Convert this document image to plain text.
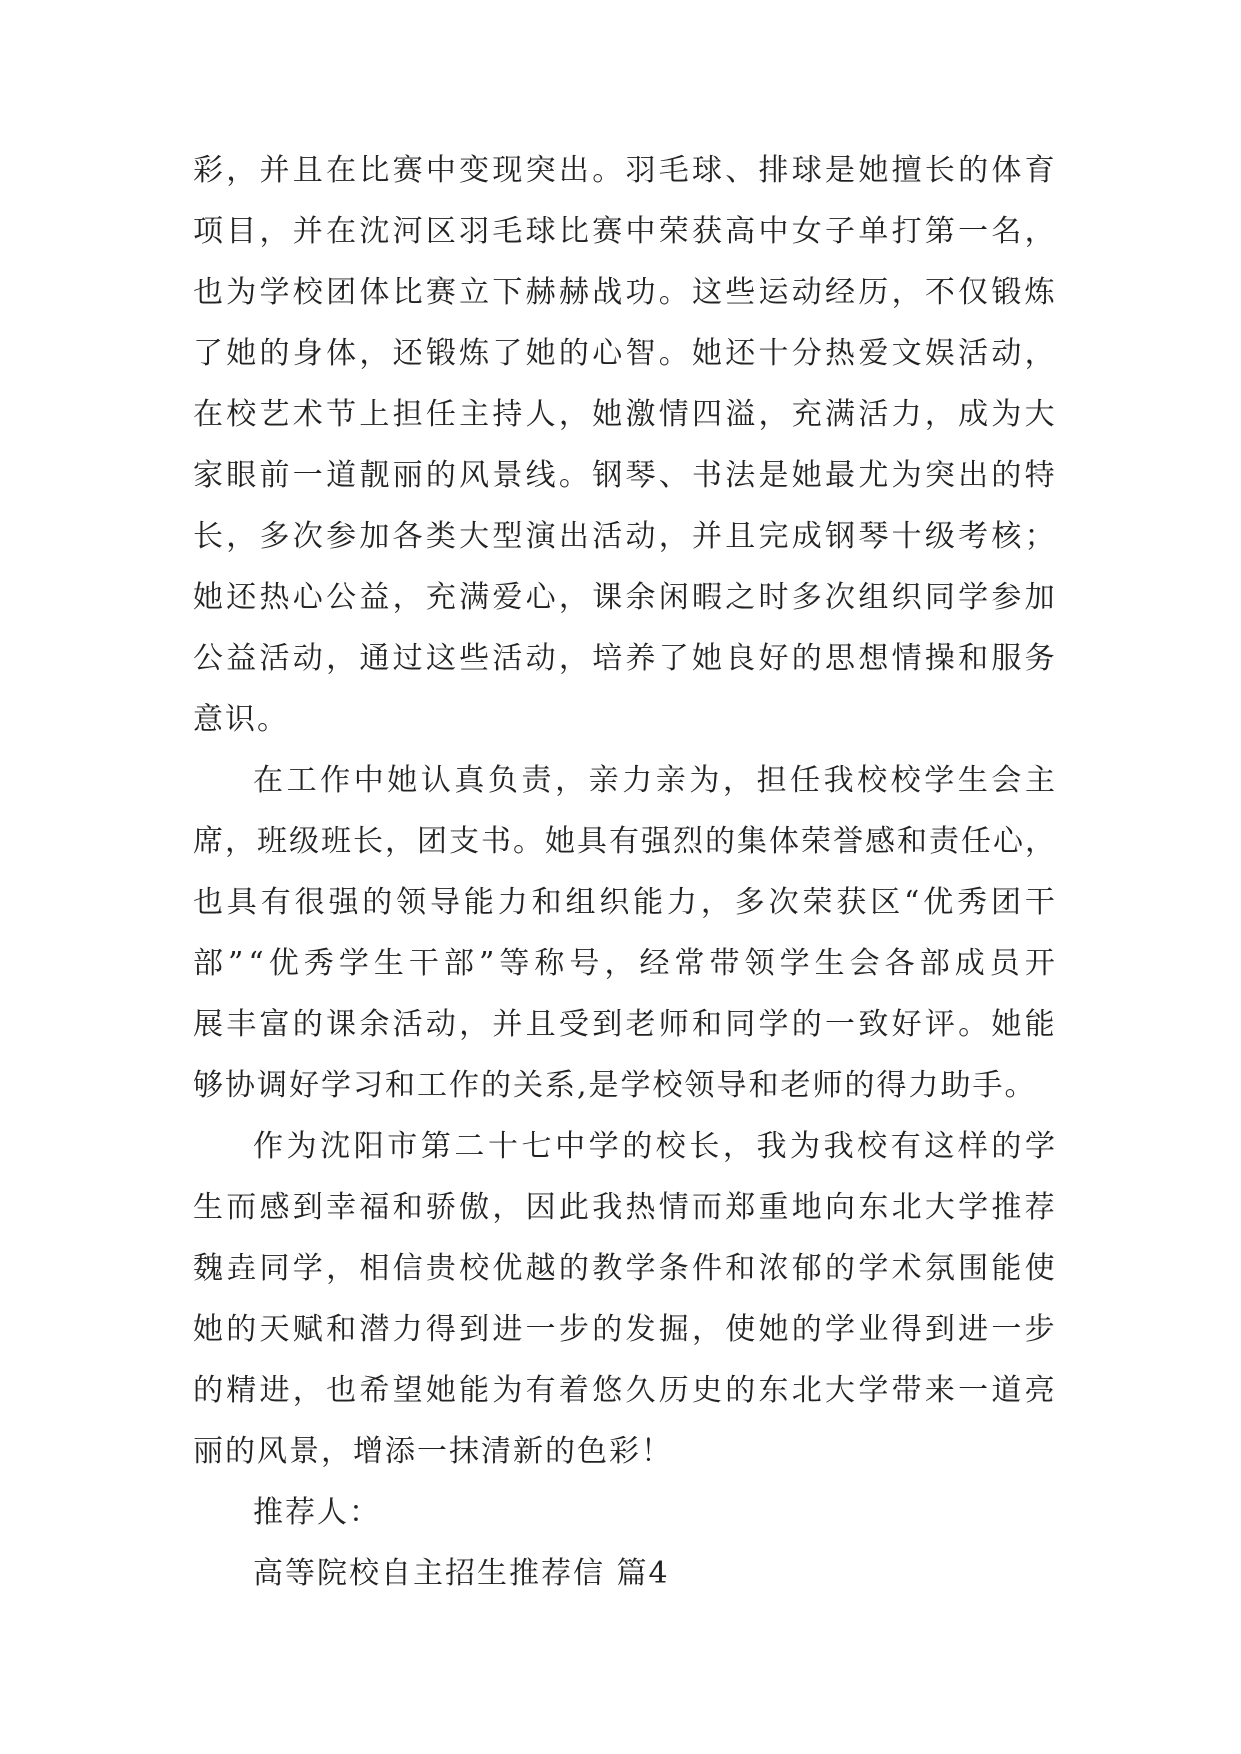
彩 ， 并 且 在 比 赛 中 变 现 突 出 。 羽 毛 球 、 排 球 是 她 擅 长 的 体 育
项 目 ， 并 在 沈 河 区 羽 毛 球 比 赛 中 荣 获 高 中 女 子 单 打 第 一 名 ，
也 为 学 校 团 体 比 赛 立 下 赫 赫 战 功 。 这 些 运 动 经 历 ， 不 仅 锻 炼
了 她 的 身 体 ， 还 锻 炼 了 她 的 心 智 。 她 还 十 分 热 爱 文 娱 活 动 ，
在 校 艺 术 节 上 担 任 主 持 人 ， 她 激 情 四 溢 ， 充 满 活 力 ， 成 为 大
家 眼 前 一 道 靓 丽 的 风 景 线 。 钢 琴 、 书 法 是 她 最 尤 为 突 出 的 特
长 ， 多 次 参 加 各 类 大 型 演 出 活 动 ， 并 且 完 成 钢 琴 十 级 考 核 ；
她 还 热 心 公 益 ， 充 满 爱 心 ， 课 余 闲 暇 之 时 多 次 组 织 同 学 参 加
公 益 活 动 ， 通 过 这 些 活 动 ， 培 养 了 她 良 好 的 思 想 情 操 和 服 务
意识。
在 工 作 中 她 认 真 负 责 ， 亲 力 亲 为 ， 担 任 我 校 校 学 生 会 主
席 ， 班 级 班 长 ， 团 支 书 。 她 具 有 强 烈 的 集 体 荣 誉 感 和 责 任 心 ，
也 具 有 很 强 的 领 导 能 力 和 组 织 能 力 ， 多 次 荣 获 区 “ 优 秀 团 干
部 ” “ 优 秀 学 生 干 部 ” 等 称 号 ， 经 常 带 领 学 生 会 各 部 成 员 开
展 丰 富 的 课 余 活 动 ， 并 且 受 到 老 师 和 同 学 的 一 致 好 评 。 她 能
够协调好学习和工作的关系,是学校领导和老师的得力助手。
作 为 沈 阳 市 第 二 十 七 中 学 的 校 长 ， 我 为 我 校 有 这 样 的 学
生 而 感 到 幸 福 和 骄 傲 ， 因 此 我 热 情 而 郑 重 地 向 东 北 大 学 推 荐
魏 垚 同 学 ， 相 信 贵 校 优 越 的 教 学 条 件 和 浓 郁 的 学 术 氛 围 能 使
她 的 天 赋 和 潜 力 得 到 进 一 步 的 发 掘 ， 使 她 的 学 业 得 到 进 一 步
的 精 进 ， 也 希 望 她 能 为 有 着 悠 久 历 史 的 东 北 大 学 带 来 一 道 亮
丽的风景，增添一抹清新的色彩！
推荐人：
高等院校自主招生推荐信 篇4
